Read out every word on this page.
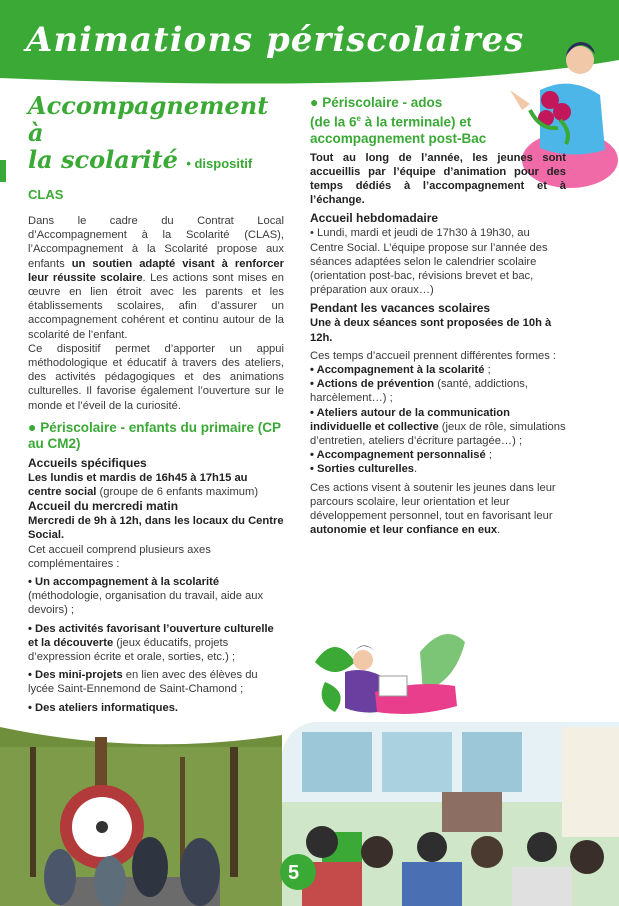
Animations périscolaires
Accompagnement à
la scolarité • dispositif CLAS

Dans le cadre du Contrat Local d’Accompagnement à la Scolarité (CLAS), l’Accompagnement à la Scolarité propose aux enfants un soutien adapté visant à renforcer leur réussite scolaire. Les actions sont mises en œuvre en lien étroit avec les parents et les établissements scolaires, afin d’assurer un accompagnement cohérent et continu autour de la scolarité de l’enfant.

Ce dispositif permet d’apporter un appui méthodologique et éducatif à travers des ateliers, des activités pédagogiques et des animations culturelles. Il favorise également l’ouverture sur le monde et l’éveil de la curiosité.

● Périscolaire - enfants du primaire (CP au CM2)
Accueils spécifiques

Les lundis et mardis de 16h45 à 17h15 au centre social (groupe de 6 enfants maximum)

Accueil du mercredi matin

Mercredi de 9h à 12h, dans les locaux du Centre Social.

Cet accueil comprend plusieurs axes complémentaires :

• Un accompagnement à la scolarité (méthodologie, organisation du travail, aide aux devoirs) ;

• Des activités favorisant l’ouverture culturelle et la découverte (jeux éducatifs, projets d’expression écrite et orale, sorties, etc.) ;

• Des mini-projets en lien avec des élèves du lycée Saint-Ennemond de Saint-Chamond ;

• Des ateliers informatiques.

● Périscolaire - ados
(de la 6e à la terminale) et accompagnement post-Bac

Tout au long de l’année, les jeunes sont accueillis par l’équipe d’animation pour des temps dédiés à l’accompagnement et à l’échange.

Accueil hebdomadaire

• Lundi, mardi et jeudi de 17h30 à 19h30, au Centre Social. L’équipe propose sur l’année des séances adaptées selon le calendrier scolaire (orientation post-bac, révisions brevet et bac, préparation aux oraux…)

Pendant les vacances scolaires

Une à deux séances sont proposées de 10h à 12h.

Ces temps d’accueil prennent différentes formes :

• Accompagnement à la scolarité ;

• Actions de prévention (santé, addictions, harcèlement…) ;

• Ateliers autour de la communication individuelle et collective (jeux de rôle, simulations d’entretien, ateliers d’écriture partagée…) ;

• Accompagnement personnalisé ;

• Sorties culturelles.

Ces actions visent à soutenir les jeunes dans leur parcours scolaire, leur orientation et leur développement personnel, tout en favorisant leur autonomie et leur confiance en eux.

5
